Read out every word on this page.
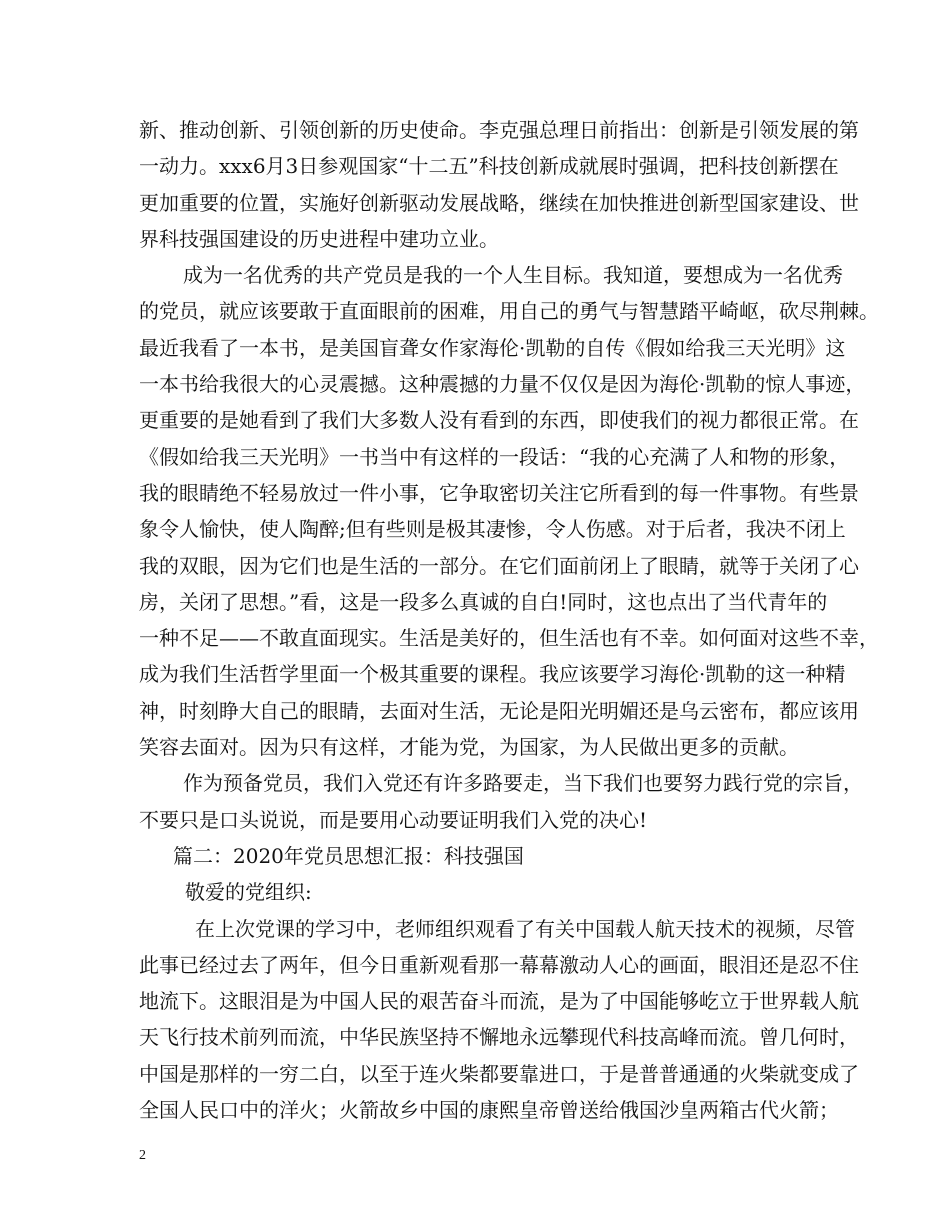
新、推动创新、引领创新的历史使命。李克强总理日前指出：创新是引领发展的第
一动力。xxx6月3日参观国家“十二五”科技创新成就展时强调，把科技创新摆在
更加重要的位置，实施好创新驱动发展战略，继续在加快推进创新型国家建设、世
界科技强国建设的历史进程中建功立业。
成为一名优秀的共产党员是我的一个人生目标。我知道，要想成为一名优秀
的党员，就应该要敢于直面眼前的困难，用自己的勇气与智慧踏平崎岖，砍尽荆棘。
最近我看了一本书，是美国盲聋女作家海伦·凯勒的自传《假如给我三天光明》这
一本书给我很大的心灵震撼。这种震撼的力量不仅仅是因为海伦·凯勒的惊人事迹，
更重要的是她看到了我们大多数人没有看到的东西，即使我们的视力都很正常。在
《假如给我三天光明》一书当中有这样的一段话：“我的心充满了人和物的形象，
我的眼睛绝不轻易放过一件小事，它争取密切关注它所看到的每一件事物。有些景
象令人愉快，使人陶醉;但有些则是极其凄惨，令人伤感。对于后者，我决不闭上
我的双眼，因为它们也是生活的一部分。在它们面前闭上了眼睛，就等于关闭了心
房，关闭了思想。”看，这是一段多么真诚的自白!同时，这也点出了当代青年的
一种不足——不敢直面现实。生活是美好的，但生活也有不幸。如何面对这些不幸，
成为我们生活哲学里面一个极其重要的课程。我应该要学习海伦·凯勒的这一种精
神，时刻睁大自己的眼睛，去面对生活，无论是阳光明媚还是乌云密布，都应该用
笑容去面对。因为只有这样，才能为党，为国家，为人民做出更多的贡献。
作为预备党员，我们入党还有许多路要走，当下我们也要努力践行党的宗旨，
不要只是口头说说，而是要用心动要证明我们入党的决心!
篇二：2020年党员思想汇报：科技强国
敬爱的党组织:
在上次党课的学习中，老师组织观看了有关中国载人航天技术的视频，尽管
此事已经过去了两年，但今日重新观看那一幕幕激动人心的画面，眼泪还是忍不住
地流下。这眼泪是为中国人民的艰苦奋斗而流，是为了中国能够屹立于世界载人航
天飞行技术前列而流，中华民族坚持不懈地永远攀现代科技高峰而流。曾几何时，
中国是那样的一穷二白，以至于连火柴都要靠进口，于是普普通通的火柴就变成了
全国人民口中的洋火；火箭故乡中国的康熙皇帝曾送给俄国沙皇两箱古代火箭；
2
